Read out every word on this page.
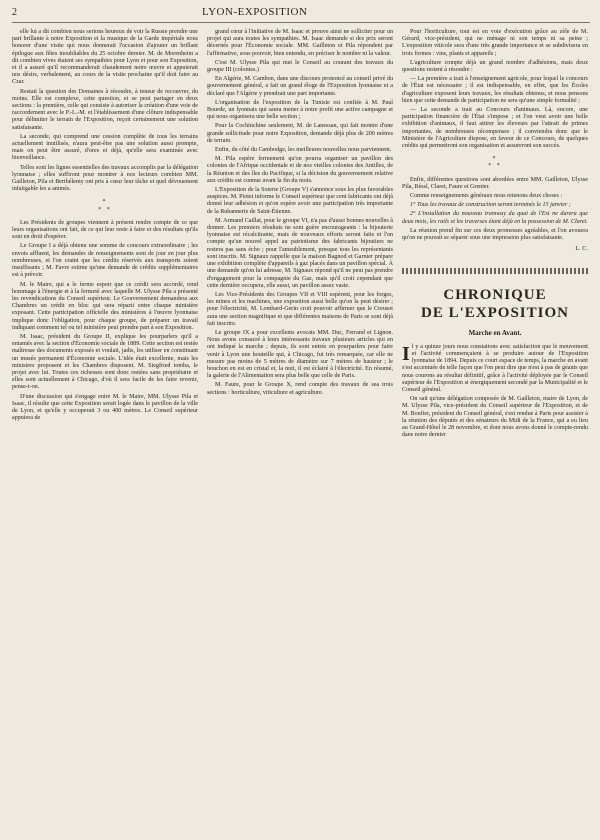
2	LYON-EXPOSITION

elle lui a dit combien nous serions heureux de voir la Russie prendre une part brillante à notre Exposition et la musique de la Garde impériale nous honorer d'une visite qui nous donnerait l'occasion d'ajouter un brillant épilogue aux fêtes inoubliables du 25 octobre dernier. M. de Morenheim a dit combien vives étaient ses sympathies pour Lyon et pour son Exposition, et il a assuré qu'il recommanderait chaudement notre œuvre et appuierait nos désirs, verbalement, au cours de la visite prochaine qu'il doit faire au Czar.

Restait la question des Domaines à résoudre, à teneur de recouvrer, du moins. Elle est complexe, cette question, et se peut partager en deux sections : la première, celle qui consiste à autoriser la création d'une voie de raccordement avec le P.-L.-M. et l'établissement d'une clôture indispensable pour délimiter le terrain de l'Exposition, reçoit certainement une solution satisfaisante.

La seconde, qui comprend une cession complète de tous les terrains actuellement inutilisés, n'aura peut-être pas une solution aussi prompte, mais on peut être assuré, d'ores et déjà, qu'elle sera examinée avec bienveillance.

Telles sont les lignes essentielles des travaux accomplis par la délégation lyonnaise ; elles suffiront pour montrer à nos lecteurs combien MM. Gailleton, Pila et Berthélemy ont pris à cœur leur tâche et quel dévouement infatigable les a animés.

*
* *

Les Présidents de groupes viennent à présent rendre compte de ce que leurs organisations ont fait, de ce qui leur reste à faire et des résultats qu'ils sont en droit d'espérer.

Le Groupe I a déjà obtenu une somme de concours extraordinaire ; les envois affluent, les demandes de renseignements sont de jour en jour plus nombreuses, et l'on craint que les crédits réservés aux transports soient insuffisants ; M. Favre estime qu'une demande de crédits supplémentaires est à prévoir.

M. le Maire, qui a le ferme espoir que ce crédit sera accordé, rend hommage à l'énergie et à la fermeté avec laquelle M. Ulysse Pila a présenté les revendications du Conseil supérieur. Le Gouvernement demandera aux Chambres un crédit en bloc qui sera réparti entre chaque ministère exposant. Cette participation officielle des ministères à l'œuvre lyonnaise implique donc l'obligation, pour chaque groupe, de préparer un travail indiquant comment tel ou tel ministère peut prendre part à son Exposition.

M. Isaac, président du Groupe II, explique les pourparlers qu'il a entamés avec la section d'Économie sociale de 1889. Cette section est restée maîtresse des documents exposés et voulait, jadis, les utiliser en constituant un musée permanent d'Économie sociale. L'idée était excellente, mais les ministres proposent et les Chambres disposent. M. Siegfried tomba, le projet avec lui. Toutes ces richesses sont donc restées sans propriétaire et elles sont actuellement à Chicago, d'où il sera facile de les faire revenir, pense-t-on.

D'une discussion qui s'engage entre M. le Maire, MM. Ulysse Pila et Isaac, il résulte que cette Exposition serait logée dans le pavillon de la ville de Lyon, et qu'elle y occuperait 3 ou 400 mètres. Le Conseil supérieur appuiera de

grand cœur à l'initiative de M. Isaac et prouve ainsi ne solliciter pour un projet qui aura toutes les sympathies. M. Isaac demande si des prix seront décernés pour l'Économie sociale. MM. Gailleton et Pila répondent par l'affirmative, sous pouvoir, bien entendu, en préciser le nombre ni la valeur.

C'est M. Ulysse Pila qui met le Conseil au courant des travaux du groupe III (colonies.)

En Algérie, M. Cambon, dans une discours prononcé au conseil privé du gouvernement général, a fait un grand éloge de l'Exposition lyonnaise et a déclaré que l'Algérie y prendrait une part importante.

L'organisation de l'exposition de la Tunisie est confiée à M. Paul Bourde, un lyonnais qui saura mener à notre profit une active campagne et qui nous organisera une belle section ;

Pour la Cochinchine seulement, M. de Lanessan, qui fait montre d'une grande sollicitude pour notre Exposition, demande déjà plus de 200 mètres de terrain.

Enfin, du côté du Cambodge, les meilleures nouvelles nous parviennent.

M. Pila espère fermement qu'on pourra organiser un pavillon des colonies de l'Afrique occidentale et de nos vieilles colonies des Antilles, de la Réunion et des îles du Pacifique, si la décision du gouvernement relative aux crédits est connue avant la fin du mois.

L'Exposition de la Soierie (Groupe V) s'annonce sous les plus favorables auspices. M. Piotet informe le Conseil supérieur que cent fabricants ont déjà donné leur adhésion et qu'on espère avoir une participation très importante de la Rubannerie de Saint-Étienne.

M. Armand Caillat, pour le groupe VI, n'a pas d'aussi bonnes nouvelles à donner. Les premiers résultats ne sont guère encourageants : la bijouterie lyonnaise est récalcitrante, mais de nouveaux efforts seront faits et l'on compte qu'un nouvel appel au patriotisme des fabricants bijoutiers ne restera pas sans écho ; pour l'ameublement, presque tous les représentants sont inscrits. M. Signaux rappelle que la maison Bagnod et Garnier prépare une exhibition complète d'appareils à gaz placés dans un pavillon spécial. À une demande qu'on lui adresse, M. Signaux répond qu'il ne peut pas prendre d'engagement pour la compagnie du Gaz, mais qu'il croit cependant que cette dernière occupera, elle aussi, un pavillon assez vaste.

Les Vice-Présidents des Groupes VII et VIII espèrent, pour les forges, les mines et les machines, une exposition aussi belle qu'on la peut désirer ; pour l'électricité, M. Lombard-Gerin croit pouvoir affirmer que le Creusot aura une section magnifique et que différentes maisons de Paris se sont déjà fait inscrire.

Le groupe IX a pour excellents avocats MM. Duc, Ferrand et Lignon. Nous avons consacré à leurs intéressants travaux plusieurs articles qui en ont indiqué la marche ; depuis, ils sont entrés en pourparlers pour faire venir à Lyon une houteille qui, à Chicago, fut très remarquée, car elle ne mesure pas moins de 5 mètres de diamètre sur 7 mètres de hauteur ; le bouchon en est en cristal et, la nuit, il est éclairé à l'électricité. En résumé, la galerie de l'Alimentation sera plus belle que celle de Paris.

M. Faure, pour le Groupe X, rend compte des travaux de sea trois sections : horticulture, viticulture et agriculture.

Pour l'horticulture, tout est en voie d'exécution grâce au zèle de M. Gérard, vice-président, qui ne ménage ni son temps ni sa peine ; L'exposition viticole sera d'une très grande importance et se subdivisera en trois formes : vins, plants et appareils ;

L'agriculture compte déjà un grand nombre d'adhésions, mais deux questions restent à résoudre :

— La première a trait à l'enseignement agricole, pour lequel le concours de l'État est nécessaire ; il est indispensable, en effet, que les Écoles d'agriculture exposent leurs travaux, les résultats obtenus, et nous pensons bien que cette demande de participation ne sera qu'une simple formalité ;

— La seconde a trait au Concours d'animaux. Là, encore, une participation financière de l'État s'impose ; et l'on veut avoir une belle exhibition d'animaux, il faut attirer les éleveurs par l'attrait de primes importantes, de nombreuses récompenses ; il conviendra donc que le Ministère de l'Agriculture dispose, en faveur de ce Concours, de quelques crédits qui permettront son organisation et assureront son succès.

*
* *

Enfin, différentes questions sont abordées entre MM. Gailleton, Ulysse Pila, Réssl, Claret, Faure et Grenier.

Comme renseignements généraux nous retenons deux choses :

1° Tous les travaux de construction seront terminés le 15 janvier ;

2° L'installation du nouveau tramway du quai de l'Est ne durera que deux mois, les rails et les traverses étant déjà en la possession de M. Claret.

La réunion prend fin sur ces deux promesses agréables, et l'on avouera qu'on ne pouvait se séparer sous une impression plus satisfaisante.

L. C.
CHRONIQUE
DE L'EXPOSITION
Marche en Avant.

Il y a quinze jours nous constations avec satisfaction que le mouvement et l'activité commençaient à se produire autour de l'Exposition lyonnaise de 1894. Depuis ce court espace de temps, la marche en avant s'est accentuée de telle façon que l'on peut dire que n'est à pas de géants que nous courons au résultat définitif, grâce à l'activité déployée par le Conseil supérieur de l'Exposition si énergiquement secondé par la Municipalité et le Conseil général.

On sait qu'une délégation composée de M. Gailleton, maire de Lyon, de M. Ulysse Pila, vice-président du Conseil supérieur de l'Exposition, et de M. Boufier, président du Conseil général, s'est rendue à Paris pour assister à la réunion des députés et des sénateurs du Midi de la France, qui a eu lieu au Grand-Hôtel le 28 novembre, et dont nous avons donné le compte-rendu dans notre dernier
